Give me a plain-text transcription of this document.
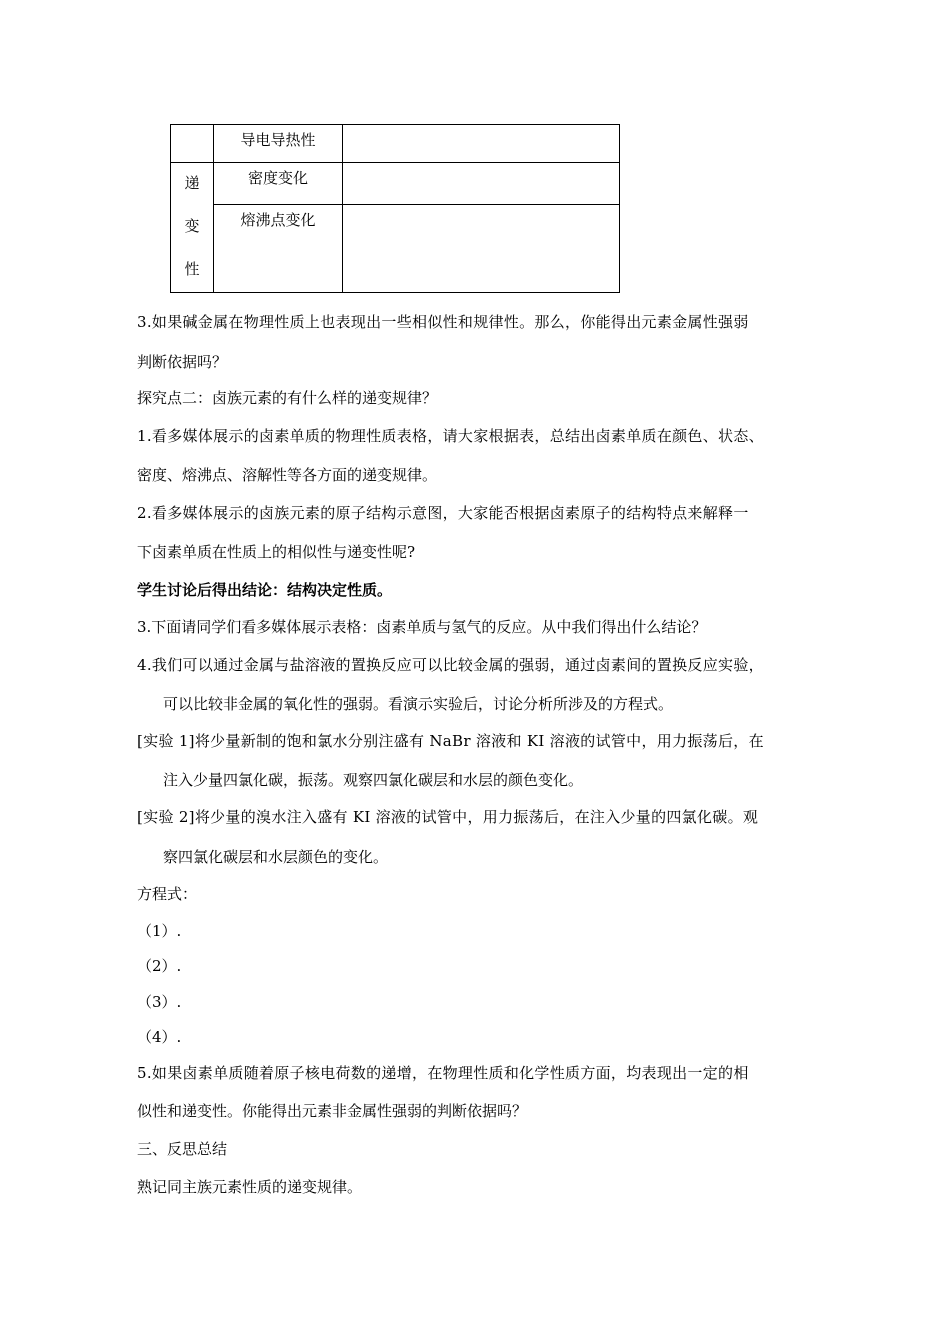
	导电导热性	

递
变
性	密度变化	

	熔沸点变化	

3.如果碱金属在物理性质上也表现出一些相似性和规律性。那么，你能得出元素金属性强弱
判断依据吗？
探究点二：卤族元素的有什么样的递变规律？
1.看多媒体展示的卤素单质的物理性质表格，请大家根据表，总结出卤素单质在颜色、状态、
密度、熔沸点、溶解性等各方面的递变规律。
2.看多媒体展示的卤族元素的原子结构示意图，大家能否根据卤素原子的结构特点来解释一
下卤素单质在性质上的相似性与递变性呢?
学生讨论后得出结论：结构决定性质。
3.下面请同学们看多媒体展示表格：卤素单质与氢气的反应。从中我们得出什么结论？
4.我们可以通过金属与盐溶液的置换反应可以比较金属的强弱，通过卤素间的置换反应实验，
可以比较非金属的氧化性的强弱。看演示实验后，讨论分析所涉及的方程式。
[实验 1]将少量新制的饱和氯水分别注盛有 NaBr 溶液和 KI 溶液的试管中，用力振荡后，在
注入少量四氯化碳，振荡。观察四氯化碳层和水层的颜色变化。
[实验 2]将少量的溴水注入盛有 KI 溶液的试管中，用力振荡后，在注入少量的四氯化碳。观
察四氯化碳层和水层颜色的变化。
方程式：
（1）.
（2）.
（3）.
（4）.
5.如果卤素单质随着原子核电荷数的递增，在物理性质和化学性质方面，均表现出一定的相
似性和递变性。你能得出元素非金属性强弱的判断依据吗？
三、反思总结
熟记同主族元素性质的递变规律。
